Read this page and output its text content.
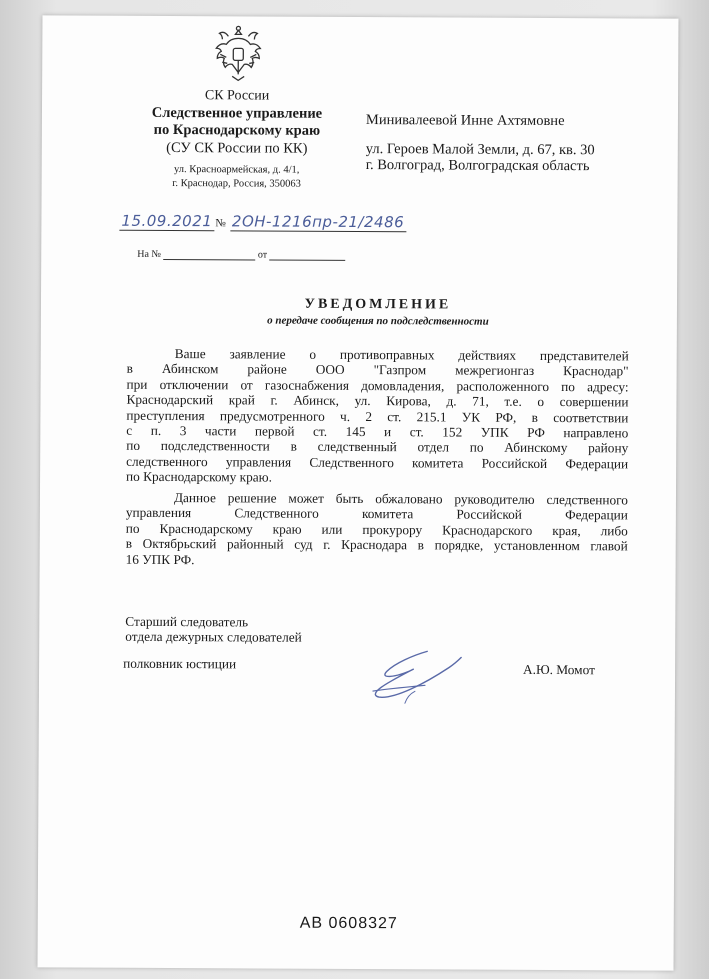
СК России
Следственное управление
по Краснодарскому краю
(СУ СК России по КК)
ул. Красноармейская, д. 4/1,
г. Краснодар, Россия, 350063
Минивалеевой Инне Ахтямовне
ул. Героев Малой Земли, д. 67, кв. 30
г. Волгоград, Волгоградская область
15.09.2021 № 2ОН-1216пр-21/2486
На №	от
УВЕДОМЛЕНИЕ
о передаче сообщения по подследственности

Ваше заявление о противоправных действиях представителей

в Абинском районе ООО "Газпром межрегионгаз Краснодар"

при отключении от газоснабжения домовладения, расположенного по адресу:

Краснодарский край г. Абинск, ул. Кирова, д. 71, т.е. о совершении

преступления предусмотренного ч. 2 ст. 215.1 УК РФ, в соответствии

с п. 3 части первой ст. 145 и ст. 152 УПК РФ направлено

по подследственности в следственный отдел по Абинскому району

следственного управления Следственного комитета Российской Федерации

по Краснодарскому краю.

Данное решение может быть обжаловано руководителю следственного

управления Следственного комитета Российской Федерации

по Краснодарскому краю или прокурору Краснодарского края, либо

в Октябрьский районный суд г. Краснодара в порядке, установленном главой

16 УПК РФ.

Старший следователь
отдела дежурных следователей
полковник юстиции	А.Ю. Момот
АВ 0608327
